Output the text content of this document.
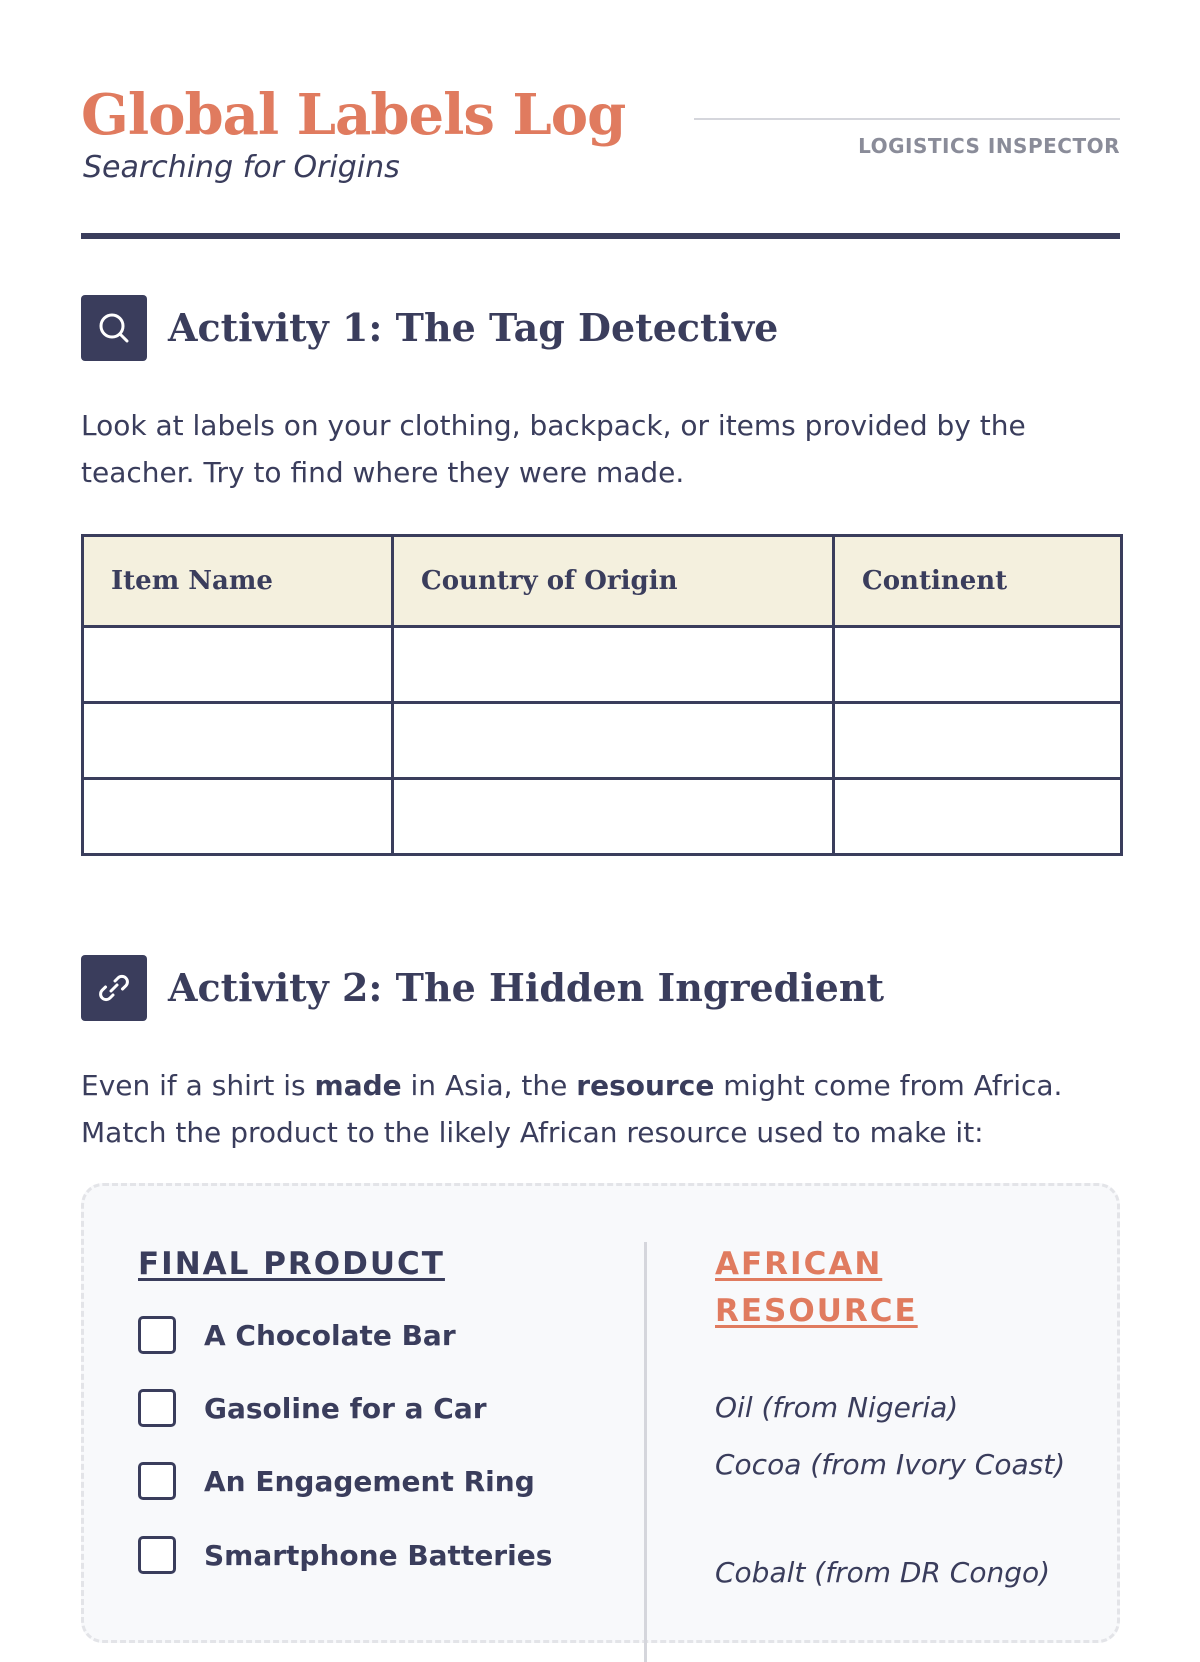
Global Labels Log
Searching for Origins
LOGISTICS INSPECTOR
Activity 1: The Tag Detective
Look at labels on your clothing, backpack, or items provided by the teacher. Try to find where they were made.
Item Name	Country of Origin	Continent

Activity 2: The Hidden Ingredient
Even if a shirt is made in Asia, the resource might come from Africa. Match the product to the likely African resource used to make it:
FINAL PRODUCT	AFRICAN RESOURCE
A Chocolate Bar
Gasoline for a Car
An Engagement Ring
Smartphone Batteries
Oil (from Nigeria)
Cocoa (from Ivory Coast)
Cobalt (from DR Congo)
